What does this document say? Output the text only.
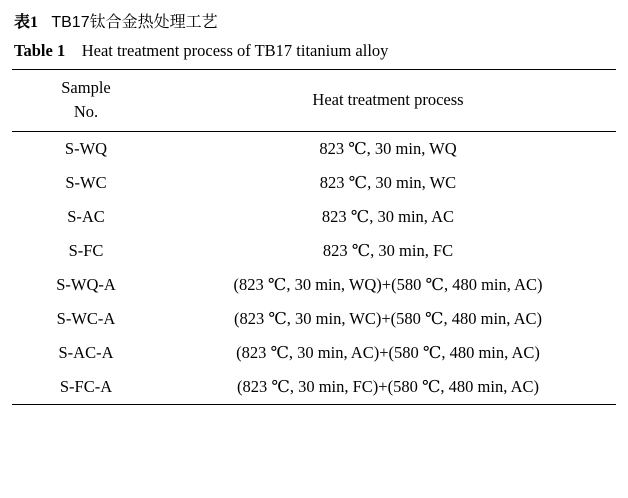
表1 TB17钛合金热处理工艺
Table 1 Heat treatment process of TB17 titanium alloy
Sample
No.	Heat treatment process
S-WQ	823 ℃, 30 min, WQ
S-WC	823 ℃, 30 min, WC
S-AC	823 ℃, 30 min, AC
S-FC	823 ℃, 30 min, FC
S-WQ-A	(823 ℃, 30 min, WQ)+(580 ℃, 480 min, AC)
S-WC-A	(823 ℃, 30 min, WC)+(580 ℃, 480 min, AC)
S-AC-A	(823 ℃, 30 min, AC)+(580 ℃, 480 min, AC)
S-FC-A	(823 ℃, 30 min, FC)+(580 ℃, 480 min, AC)
